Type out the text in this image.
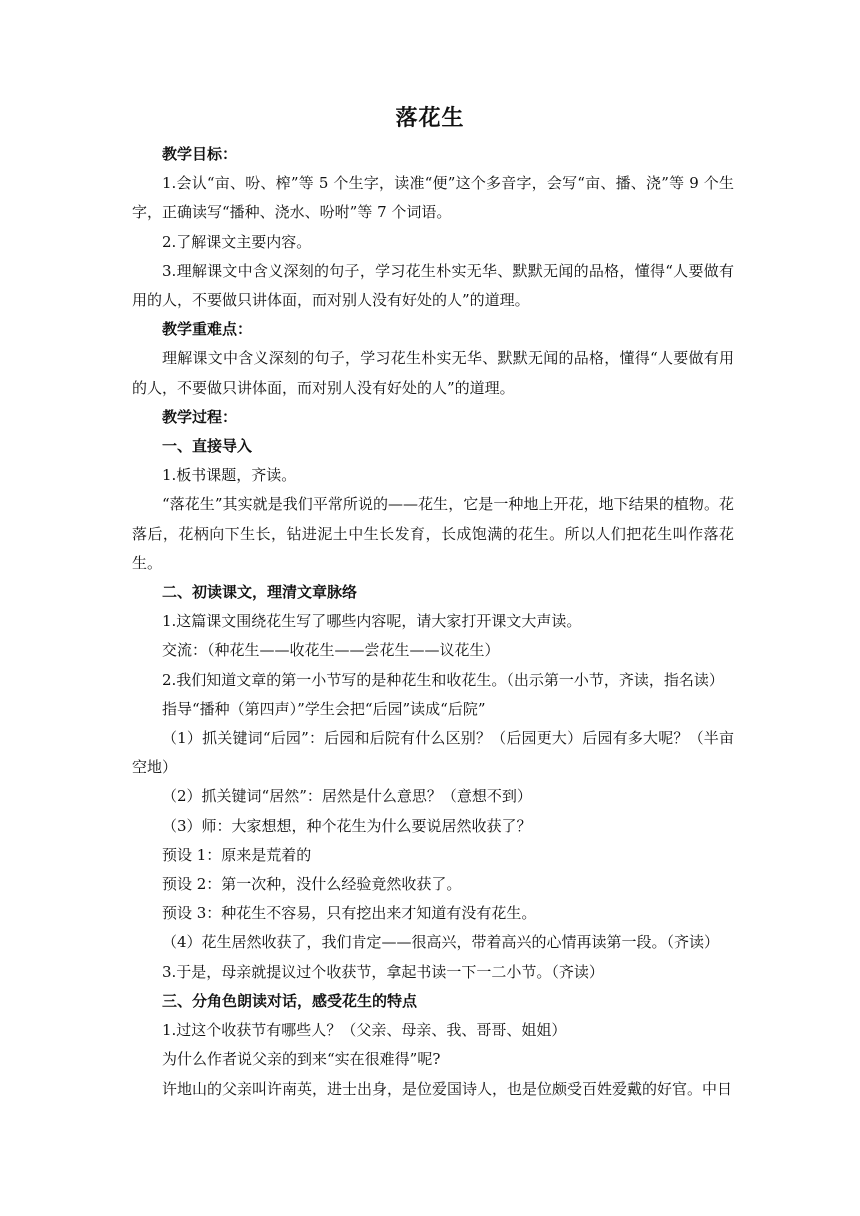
落花生

教学目标：

1.会认“亩、吩、榨”等 5 个生字，读准“便”这个多音字，会写“亩、播、浇”等 9 个生字，正确读写“播种、浇水、吩咐”等 7 个词语。

2.了解课文主要内容。

3.理解课文中含义深刻的句子，学习花生朴实无华、默默无闻的品格，懂得“人要做有用的人，不要做只讲体面，而对别人没有好处的人”的道理。

教学重难点：

理解课文中含义深刻的句子，学习花生朴实无华、默默无闻的品格，懂得“人要做有用的人，不要做只讲体面，而对别人没有好处的人”的道理。

教学过程：

一、直接导入

1.板书课题，齐读。

“落花生”其实就是我们平常所说的——花生，它是一种地上开花，地下结果的植物。花落后，花柄向下生长，钻进泥土中生长发育，长成饱满的花生。所以人们把花生叫作落花生。

二、初读课文，理清文章脉络

1.这篇课文围绕花生写了哪些内容呢，请大家打开课文大声读。

交流：（种花生——收花生——尝花生——议花生）

2.我们知道文章的第一小节写的是种花生和收花生。（出示第一小节，齐读，指名读）

指导“播种（第四声）”学生会把“后园”读成“后院”

（1）抓关键词“后园”：后园和后院有什么区别？（后园更大）后园有多大呢？（半亩空地）

（2）抓关键词“居然”：居然是什么意思？（意想不到）

（3）师：大家想想，种个花生为什么要说居然收获了？

预设 1：原来是荒着的

预设 2：第一次种，没什么经验竟然收获了。

预设 3：种花生不容易，只有挖出来才知道有没有花生。

（4）花生居然收获了，我们肯定——很高兴，带着高兴的心情再读第一段。（齐读）

3.于是，母亲就提议过个收获节，拿起书读一下一二小节。（齐读）

三、分角色朗读对话，感受花生的特点

1.过这个收获节有哪些人？（父亲、母亲、我、哥哥、姐姐）

为什么作者说父亲的到来“实在很难得”呢?

许地山的父亲叫许南英，进士出身，是位爱国诗人，也是位颇受百姓爱戴的好官。中日
